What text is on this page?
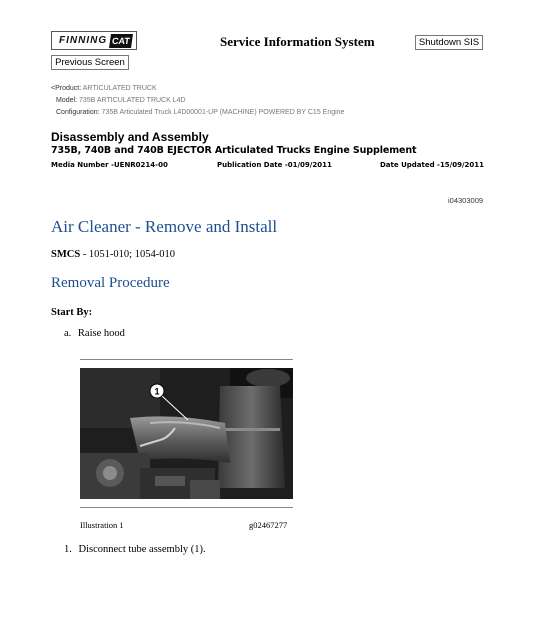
FINNING CAT	Service Information System	Shutdown SIS
Previous Screen
<Product: ARTICULATED TRUCK
Model: 735B ARTICULATED TRUCK L4D
Configuration: 735B Articulated Truck L4D00001-UP (MACHINE) POWERED BY C15 Engine
Disassembly and Assembly
735B, 740B and 740B EJECTOR Articulated Trucks Engine Supplement
Media Number -UENR0214-00	Publication Date -01/09/2011	Date Updated -15/09/2011
i04303009
Air Cleaner - Remove and Install
SMCS - 1051-010; 1054-010
Removal Procedure
Start By:
a. Raise hood
1
Illustration 1	g02467277
1. Disconnect tube assembly (1).
